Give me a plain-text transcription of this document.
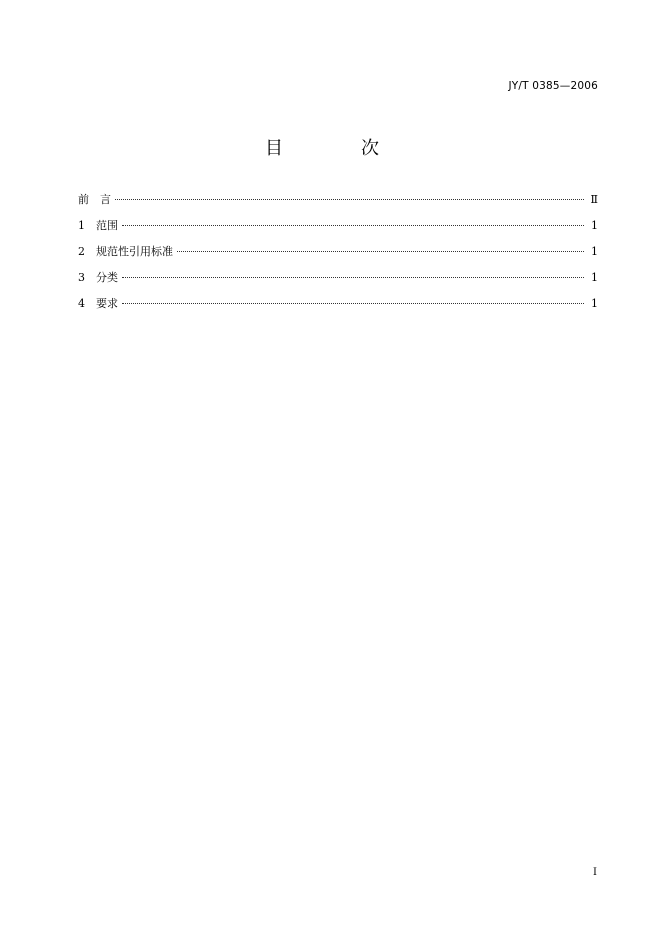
JY/T 0385—2006
目　次
前　言	Ⅱ
1	范围	1
2	规范性引用标准	1
3	分类	1
4	要求	1
I
